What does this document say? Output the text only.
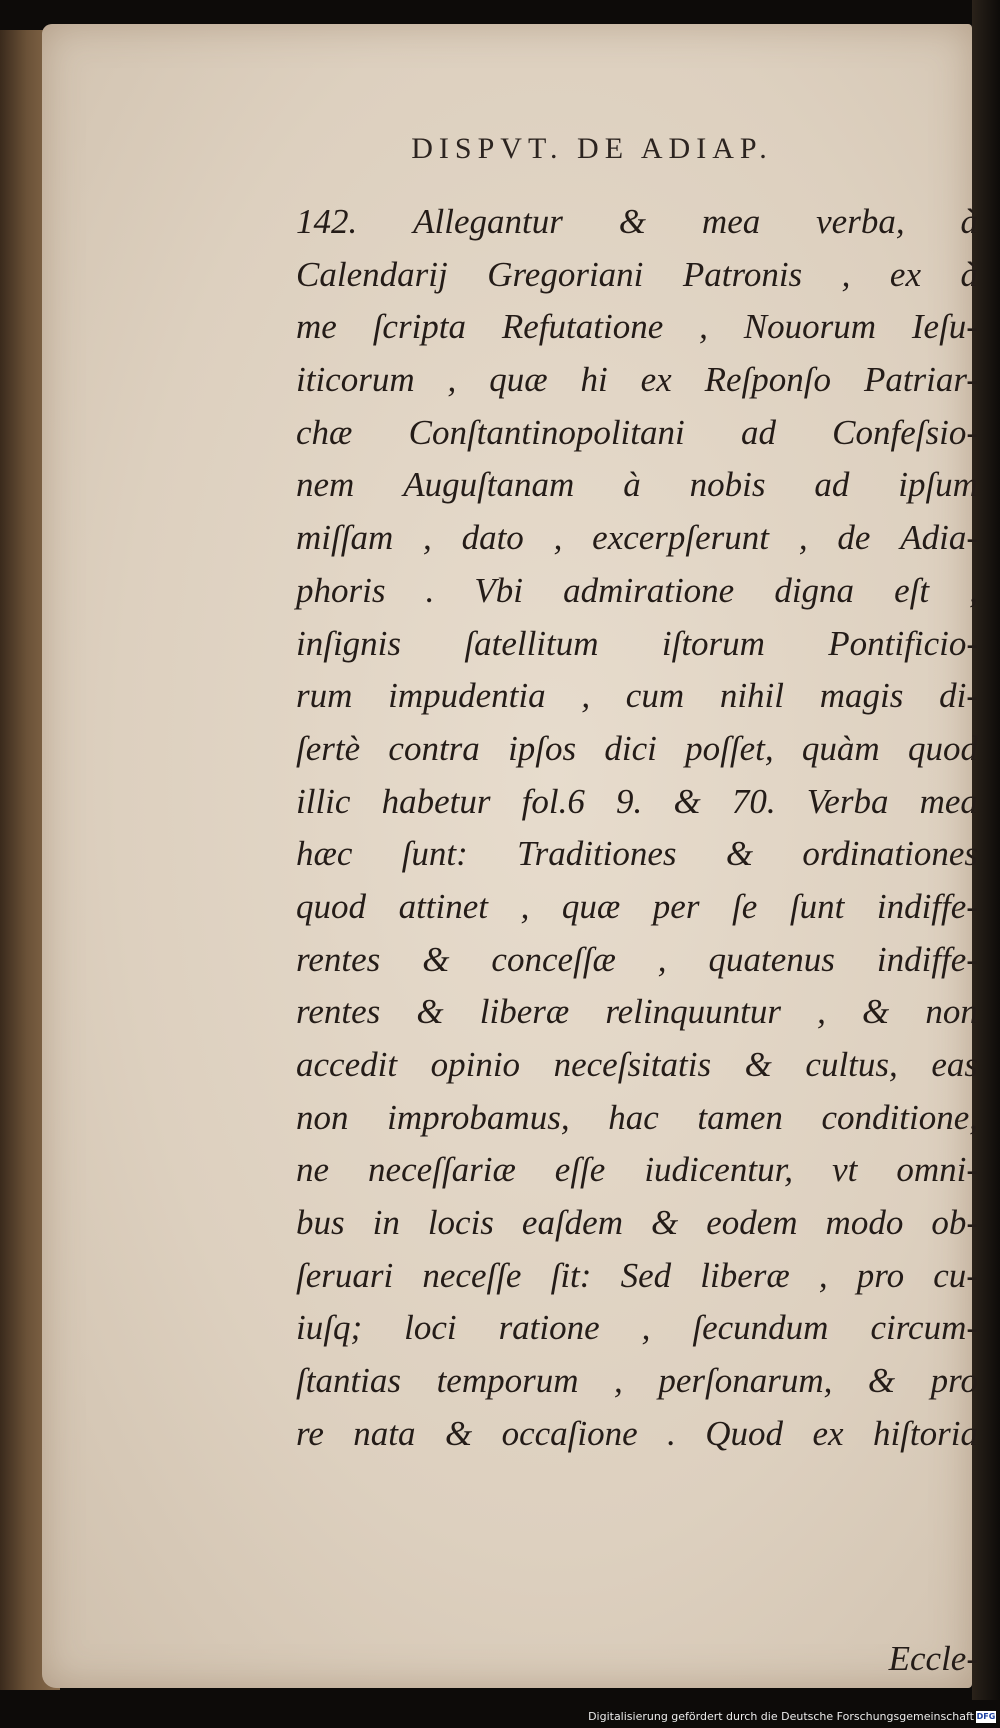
DISPVT. DE ADIAP.
142. Allegantur & mea verba, à
Calendarij Gregoriani Patronis , ex à
me ſcripta Refutatione , Nouorum Ieſu-
iticorum , quæ hi ex Reſponſo Patriar-
chæ Conſtantinopolitani ad Confeſsio-
nem Auguſtanam à nobis ad ipſum
miſſam , dato , excerpſerunt , de Adia-
phoris . Vbi admiratione digna eſt ,
inſignis ſatellitum iſtorum Pontificio-
rum impudentia , cum nihil magis di-
ſertè contra ipſos dici poſſet, quàm quod
illic habetur fol.6 9. & 70. Verba mea
hæc ſunt: Traditiones & ordinationes
quod attinet , quæ per ſe ſunt indiffe-
rentes & conceſſæ , quatenus indiffe-
rentes & liberæ relinquuntur , & non
accedit opinio neceſsitatis & cultus, eas
non improbamus, hac tamen conditione,
ne neceſſariæ eſſe iudicentur, vt omni-
bus in locis eaſdem & eodem modo ob-
ſeruari neceſſe ſit: Sed liberæ , pro cu-
iuſq; loci ratione , ſecundum circum-
ſtantias temporum , perſonarum, & pro
re nata & occaſione . Quod ex hiſtoria
Eccle-
Digitalisierung gefördert durch die Deutsche Forschungsgemeinschaft DFG
